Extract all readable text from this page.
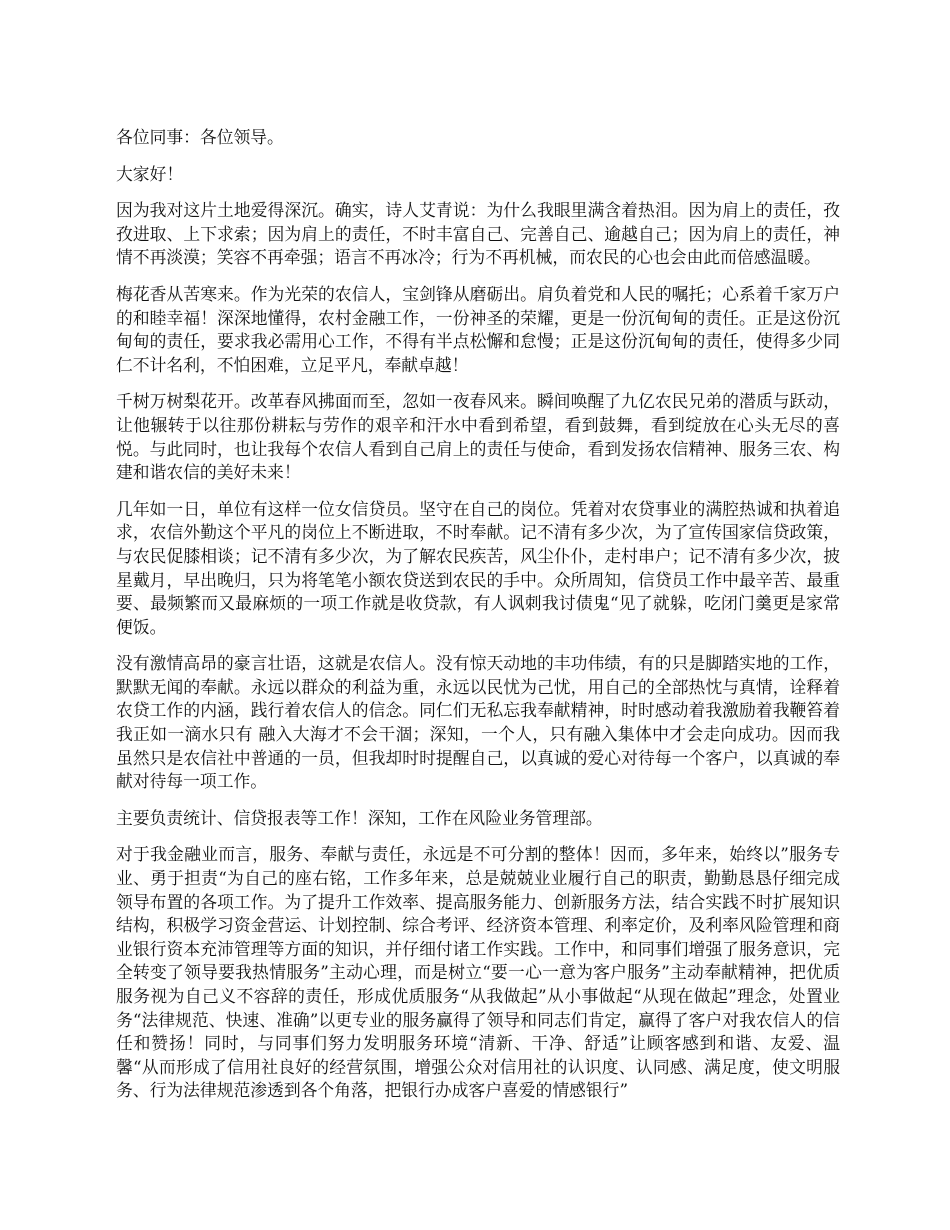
各位同事：各位领导。

大家好！

因为我对这片土地爱得深沉。确实，诗人艾青说：为什么我眼里满含着热泪。因为肩上的责任，孜孜进取、上下求索；因为肩上的责任，不时丰富自己、完善自己、逾越自己；因为肩上的责任，神情不再淡漠；笑容不再牵强；语言不再冰冷；行为不再机械，而农民的心也会由此而倍感温暖。

梅花香从苦寒来。作为光荣的农信人，宝剑锋从磨砺出。肩负着党和人民的嘱托；心系着千家万户的和睦幸福！深深地懂得，农村金融工作，一份神圣的荣耀，更是一份沉甸甸的责任。正是这份沉甸甸的责任，要求我必需用心工作，不得有半点松懈和怠慢；正是这份沉甸甸的责任，使得多少同仁不计名利，不怕困难，立足平凡，奉献卓越！

千树万树梨花开。改革春风拂面而至，忽如一夜春风来。瞬间唤醒了九亿农民兄弟的潜质与跃动，让他辗转于以往那份耕耘与劳作的艰辛和汗水中看到希望，看到鼓舞，看到绽放在心头无尽的喜悦。与此同时，也让我每个农信人看到自己肩上的责任与使命，看到发扬农信精神、服务三农、构建和谐农信的美好未来！

几年如一日，单位有这样一位女信贷员。坚守在自己的岗位。凭着对农贷事业的满腔热诚和执着追求，农信外勤这个平凡的岗位上不断进取，不时奉献。记不清有多少次，为了宣传国家信贷政策，与农民促膝相谈；记不清有多少次，为了解农民疾苦，风尘仆仆，走村串户；记不清有多少次，披星戴月，早出晚归，只为将笔笔小额农贷送到农民的手中。众所周知，信贷员工作中最辛苦、最重要、最频繁而又最麻烦的一项工作就是收贷款，有人讽刺我讨债鬼“见了就躲，吃闭门羹更是家常便饭。

没有激情高昂的豪言壮语，这就是农信人。没有惊天动地的丰功伟绩，有的只是脚踏实地的工作，默默无闻的奉献。永远以群众的利益为重，永远以民忧为己忧，用自己的全部热忱与真情，诠释着农贷工作的内涵，践行着农信人的信念。同仁们无私忘我奉献精神，时时感动着我激励着我鞭笞着我正如一滴水只有 融入大海才不会干涸；深知，一个人，只有融入集体中才会走向成功。因而我虽然只是农信社中普通的一员，但我却时时提醒自己，以真诚的爱心对待每一个客户，以真诚的奉献对待每一项工作。

主要负责统计、信贷报表等工作！深知，工作在风险业务管理部。

对于我金融业而言，服务、奉献与责任，永远是不可分割的整体！因而，多年来，始终以”服务专业、勇于担责“为自己的座右铭，工作多年来，总是兢兢业业履行自己的职责，勤勤恳恳仔细完成领导布置的各项工作。为了提升工作效率、提高服务能力、创新服务方法，结合实践不时扩展知识结构，积极学习资金营运、计划控制、综合考评、经济资本管理、利率定价，及利率风险管理和商业银行资本充沛管理等方面的知识，并仔细付诸工作实践。工作中，和同事们增强了服务意识，完全转变了领导要我热情服务”主动心理，而是树立“要一心一意为客户服务”主动奉献精神，把优质服务视为自己义不容辞的责任，形成优质服务“从我做起”从小事做起“从现在做起”理念，处置业务“法律规范、快速、准确”以更专业的服务赢得了领导和同志们肯定，赢得了客户对我农信人的信任和赞扬！同时，与同事们努力发明服务环境“清新、干净、舒适”让顾客感到和谐、友爱、温馨“从而形成了信用社良好的经营氛围，增强公众对信用社的认识度、认同感、满足度，使文明服务、行为法律规范渗透到各个角落，把银行办成客户喜爱的情感银行”
